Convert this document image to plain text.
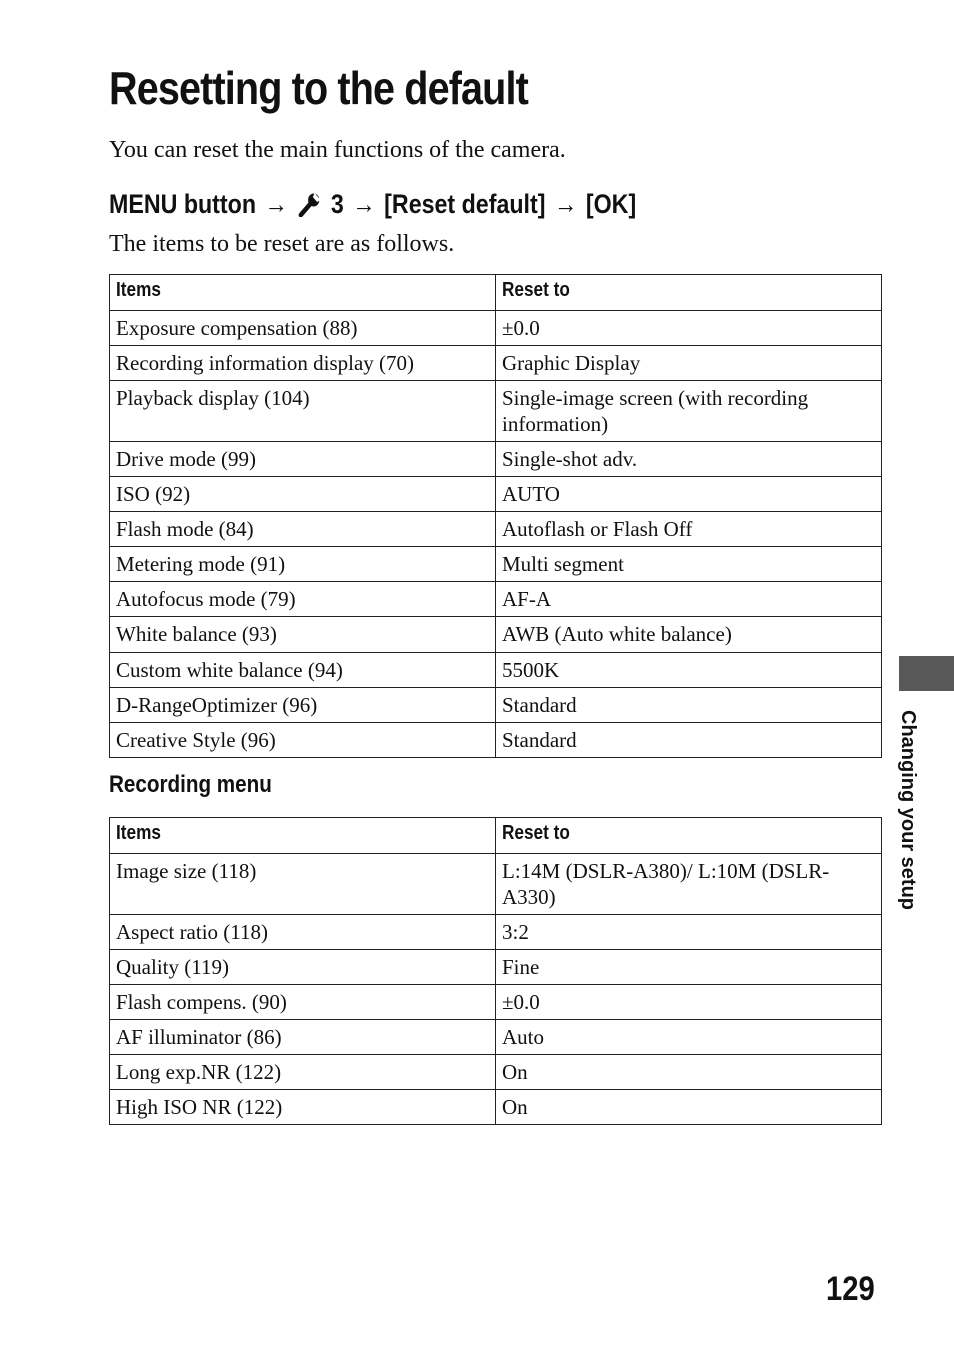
Resetting to the default

You can reset the main functions of the camera.

MENU button → 3 → [Reset default] → [OK]

The items to be reset are as follows.

Items	Reset to
Exposure compensation (88)	±0.0
Recording information display (70)	Graphic Display
Playback display (104)	Single-image screen (with recording information)
Drive mode (99)	Single-shot adv.
ISO (92)	AUTO
Flash mode (84)	Autoflash or Flash Off
Metering mode (91)	Multi segment
Autofocus mode (79)	AF-A
White balance (93)	AWB (Auto white balance)
Custom white balance (94)	5500K
D-RangeOptimizer (96)	Standard
Creative Style (96)	Standard
Recording menu
Items	Reset to
Image size (118)	L:14M (DSLR-A380)/ L:10M (DSLR-A330)
Aspect ratio (118)	3:2
Quality (119)	Fine
Flash compens. (90)	±0.0
AF illuminator (86)	Auto
Long exp.NR (122)	On
High ISO NR (122)	On
Changing your setup
129
